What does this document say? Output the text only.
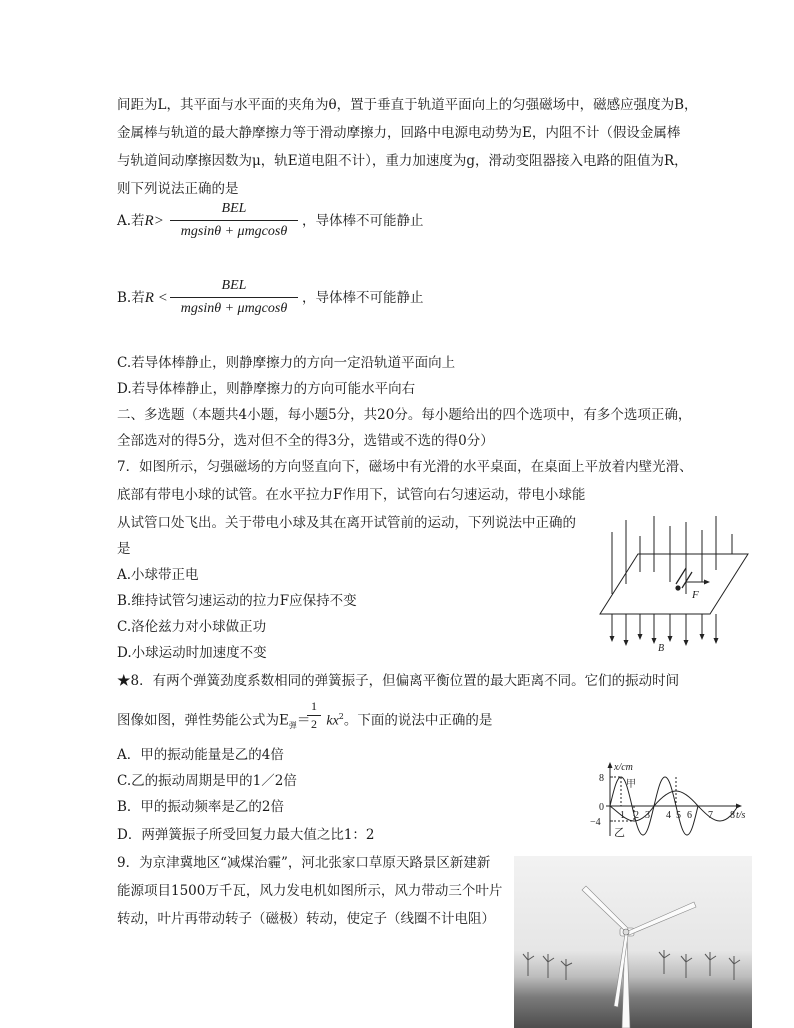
间距为L，其平面与水平面的夹角为θ，置于垂直于轨道平面向上的匀强磁场中，磁感应强度为B，
金属棒与轨道的最大静摩擦力等于滑动摩擦力，回路中电源电动势为E，内阻不计（假设金属棒
与轨道间动摩擦因数为μ，轨E道电阻不计），重力加速度为g，滑动变阻器接入电路的阻值为R，
则下列说法正确的是
A.若R>
BEL
mgsinθ + μmgcosθ
，导体棒不可能静止
B.若R <
BEL
mgsinθ + μmgcosθ
，导体棒不可能静止
C.若导体棒静止，则静摩擦力的方向一定沿轨道平面向上
D.若导体棒静止，则静摩擦力的方向可能水平向右
二、多选题（本题共4小题，每小题5分，共20分。每小题给出的四个选项中，有多个选项正确，
全部选对的得5分，选对但不全的得3分，选错或不选的得0分）
7．如图所示，匀强磁场的方向竖直向下，磁场中有光滑的水平桌面，在桌面上平放着内壁光滑、
底部有带电小球的试管。在水平拉力F作用下，试管向右匀速运动，带电小球能
从试管口处飞出。关于带电小球及其在离开试管前的运动，下列说法中正确的
是
A.小球带正电
B.维持试管匀速运动的拉力F应保持不变
C.洛伦兹力对小球做正功
D.小球运动时加速度不变
F
B
★8．有两个弹簧劲度系数相同的弹簧振子，但偏离平衡位置的最大距离不同。它们的振动时间
图像如图，弹性势能公式为$E_弹= kx^2$。下面的说法中正确的是
1
2
A．甲的振动能量是乙的4倍
C.乙的振动周期是甲的1／2倍
B．甲的振动频率是乙的2倍
D．两弹簧振子所受回复力最大值之比1：2
x/cm
t/s
8
0
−4
甲
乙
1 2 3 4 5 6 7 8
9．为京津冀地区“减煤治霾”，河北张家口草原天路景区新建新
能源项目1500万千瓦，风力发电机如图所示，风力带动三个叶片
转动，叶片再带动转子（磁极）转动，使定子（线圈不计电阻）
